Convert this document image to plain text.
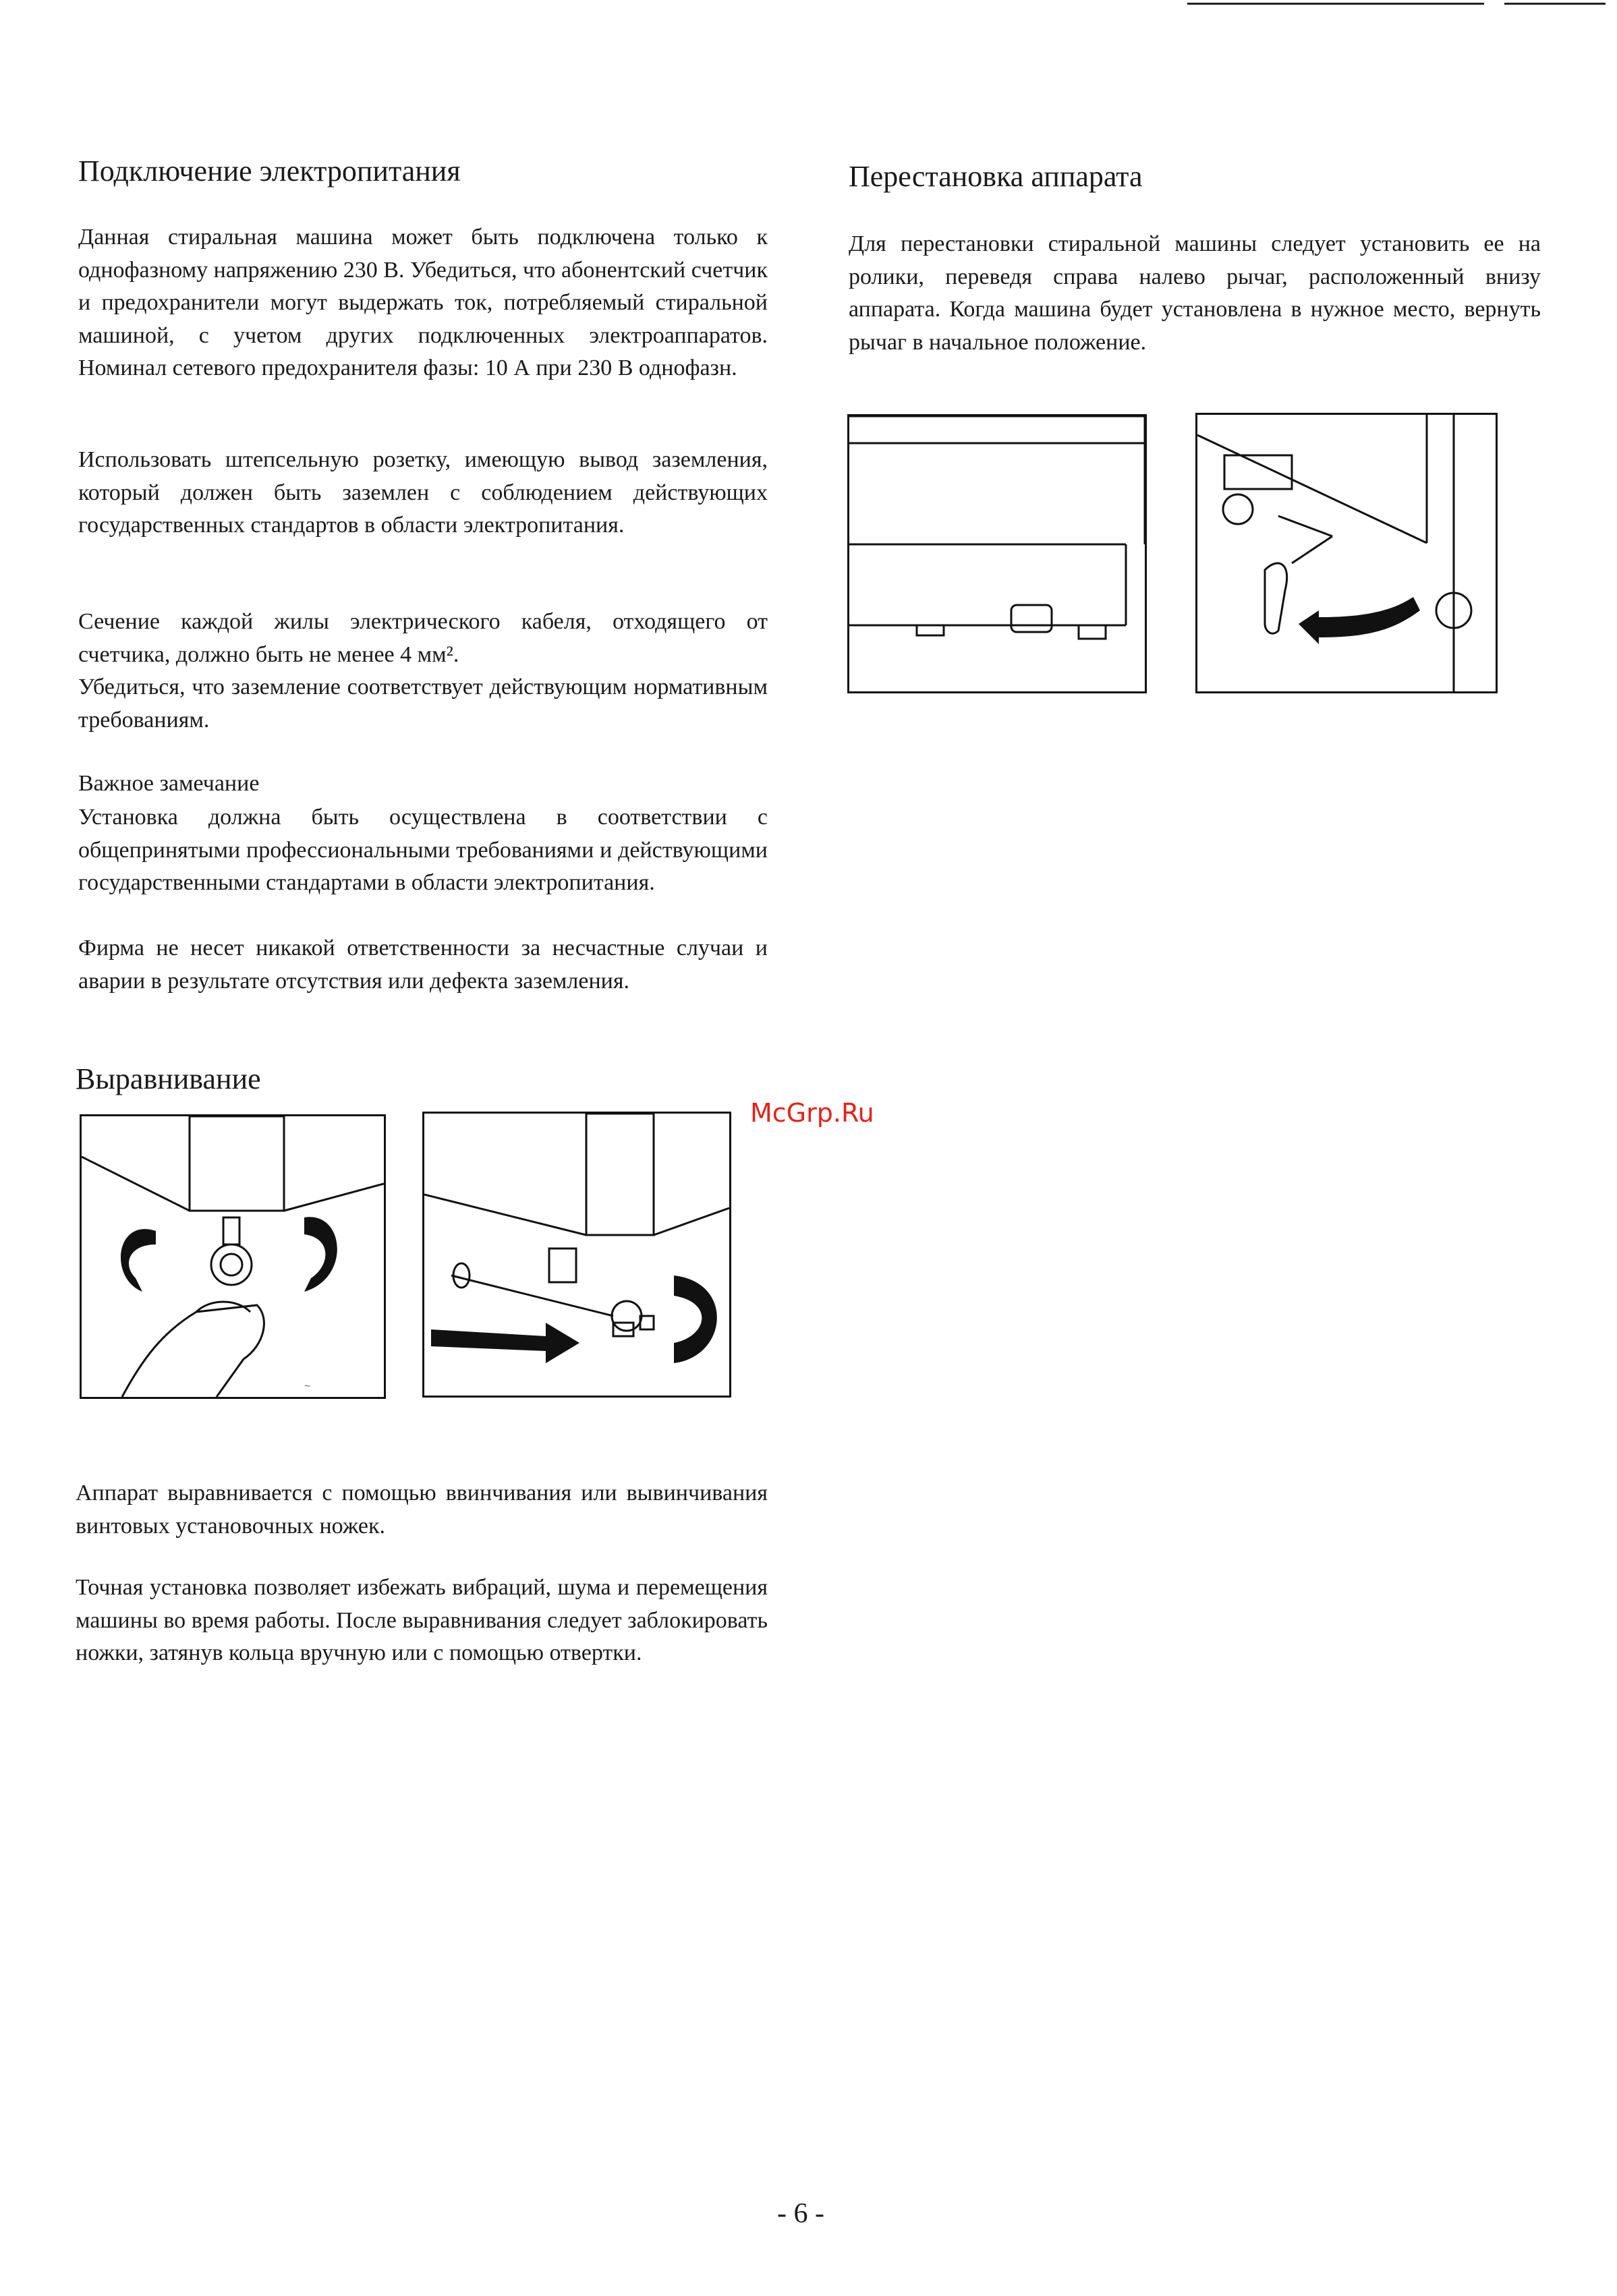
Подключение электропитания

Данная стиральная машина может быть подключена только к однофазному напряжению 230 В. Убедиться, что абонентский счетчик и предохранители могут выдержать ток, потребляемый стиральной машиной, с учетом других подключенных электроаппаратов. Номинал сетевого предохранителя фазы: 10 А при 230 В однофазн.

Использовать штепсельную розетку, имеющую вывод заземления, который должен быть заземлен с соблюдением действующих государственных стандартов в области электропитания.

Сечение каждой жилы электрического кабеля, отходящего от счетчика, должно быть не менее 4 мм².

Убедиться, что заземление соответствует действующим нормативным требованиям.

Важное замечание

Установка должна быть осуществлена в соответствии с общепринятыми профессиональными требованиями и действующими государственными стандартами в области электропитания.

Фирма не несет никакой ответственности за несчастные случаи и аварии в результате отсутствия или дефекта заземления.

Выравнивание
~

Аппарат выравнивается с помощью ввинчивания или вывинчивания винтовых установочных ножек.

Точная установка позволяет избежать вибраций, шума и перемещения машины во время работы. После выравнивания следует заблокировать ножки, затянув кольца вручную или с помощью отвертки.

Перестановка аппарата

Для перестановки стиральной машины следует установить ее на ролики, переведя справа налево рычаг, расположенный внизу аппарата. Когда машина будет установлена в нужное место, вернуть рычаг в начальное положение.

McGrp.Ru
- 6 -
